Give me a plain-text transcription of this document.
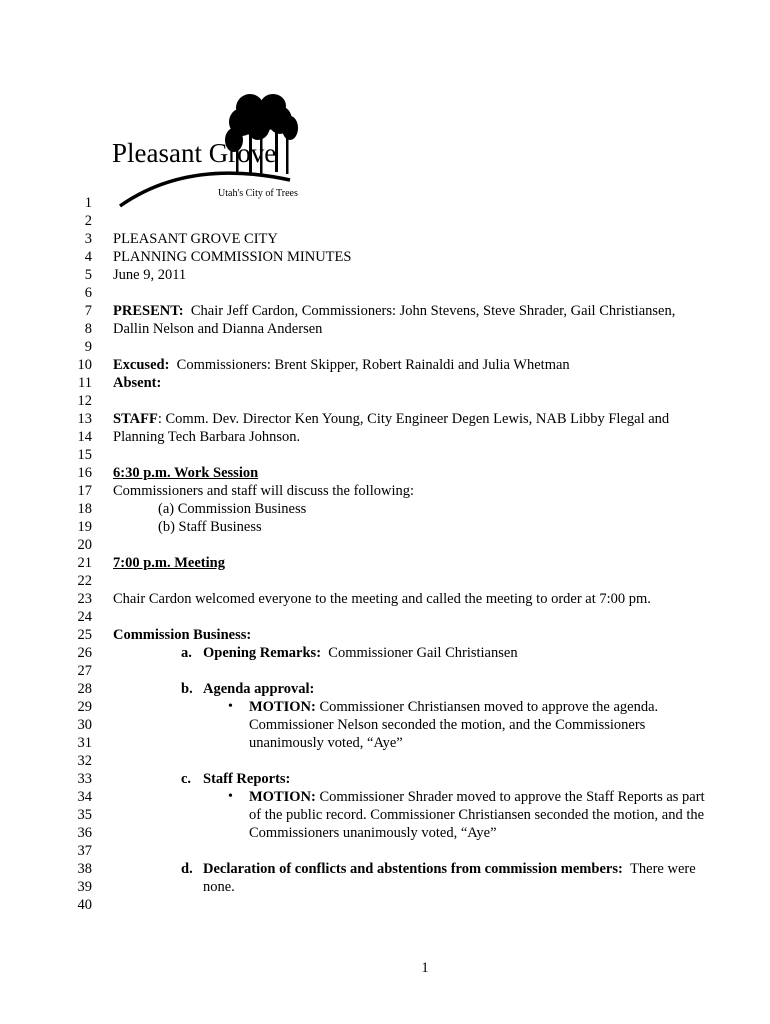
Pleasant Grove
Utah's City of Trees
1
2
3
4
5
6
7
8
9
10
11
12
13
14
15
16
17
18
19
20
21
22
23
24
25
26
27
28
29
30
31
32
33
34
35
36
37
38
39
40
PLEASANT GROVE CITY
PLANNING COMMISSION MINUTES
June 9, 2011
PRESENT: Chair Jeff Cardon, Commissioners: John Stevens, Steve Shrader, Gail Christiansen,
Dallin Nelson and Dianna Andersen
Excused: Commissioners: Brent Skipper, Robert Rainaldi and Julia Whetman
Absent:
STAFF: Comm. Dev. Director Ken Young, City Engineer Degen Lewis, NAB Libby Flegal and
Planning Tech Barbara Johnson.
6:30 p.m. Work Session
Commissioners and staff will discuss the following:
(a) Commission Business
(b) Staff Business
7:00 p.m. Meeting
Chair Cardon welcomed everyone to the meeting and called the meeting to order at 7:00 pm.
Commission Business:
a. Opening Remarks: Commissioner Gail Christiansen
b. Agenda approval:
• MOTION: Commissioner Christiansen moved to approve the agenda.
Commissioner Nelson seconded the motion, and the Commissioners
unanimously voted, “Aye”
c. Staff Reports:
• MOTION: Commissioner Shrader moved to approve the Staff Reports as part
of the public record. Commissioner Christiansen seconded the motion, and the
Commissioners unanimously voted, “Aye”
d. Declaration of conflicts and abstentions from commission members: There were
none.
1
